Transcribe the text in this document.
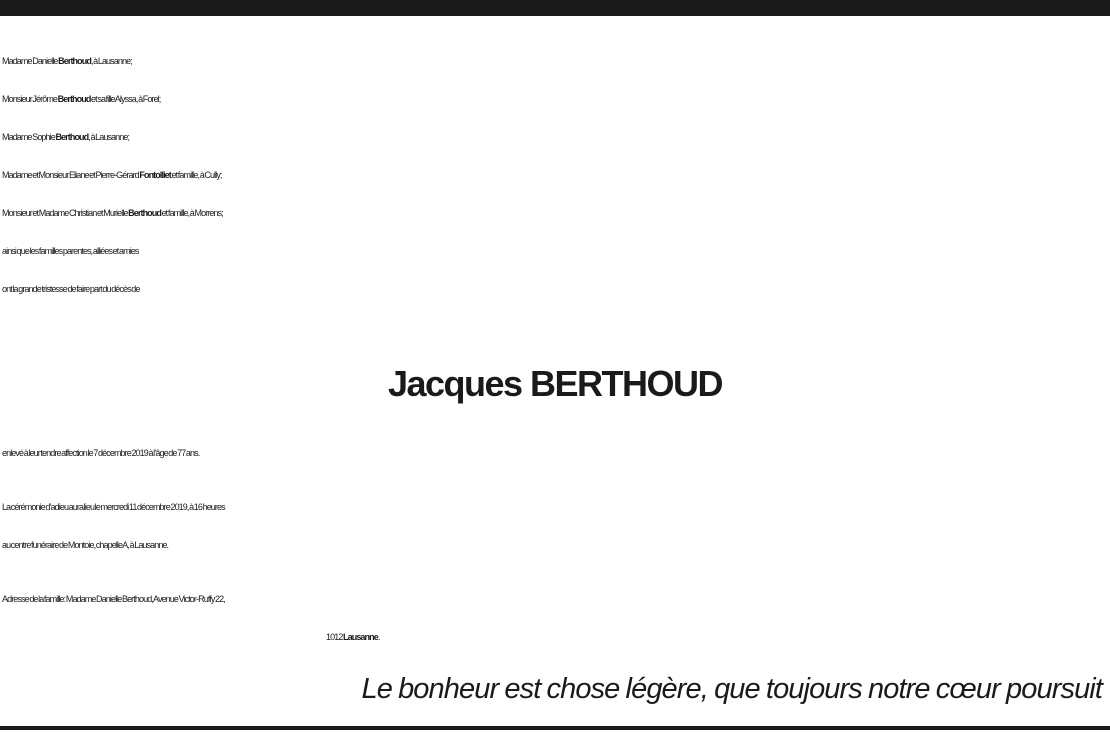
Madame Danielle Berthoud, à Lausanne;
Monsieur Jérôme Berthoud et sa fille Alyssa, à Forel;
Madame Sophie Berthoud, à Lausanne;
Madame et Monsieur Eliane et Pierre-Gérard Fontolliet et famille, à Cully;
Monsieur et Madame Christian et Murielle Berthoud et famille, à Morrens;
ainsi que les familles parentes, alliées et amies
ont la grande tristesse de faire part du décès de
Jacques BERTHOUD
enlevé à leur tendre affection le 7 décembre 2019 à l’âge de 77 ans.
La cérémonie d’adieu aura lieu le mercredi 11 décembre 2019, à 16 heures
au centre funéraire de Montoie, chapelle A, à Lausanne.
Adresse de la famille: Madame Danielle Berthoud, Avenue Victor-Ruffy 22,
1012 Lausanne.
Le bonheur est chose légère, que toujours notre cœur poursuit
